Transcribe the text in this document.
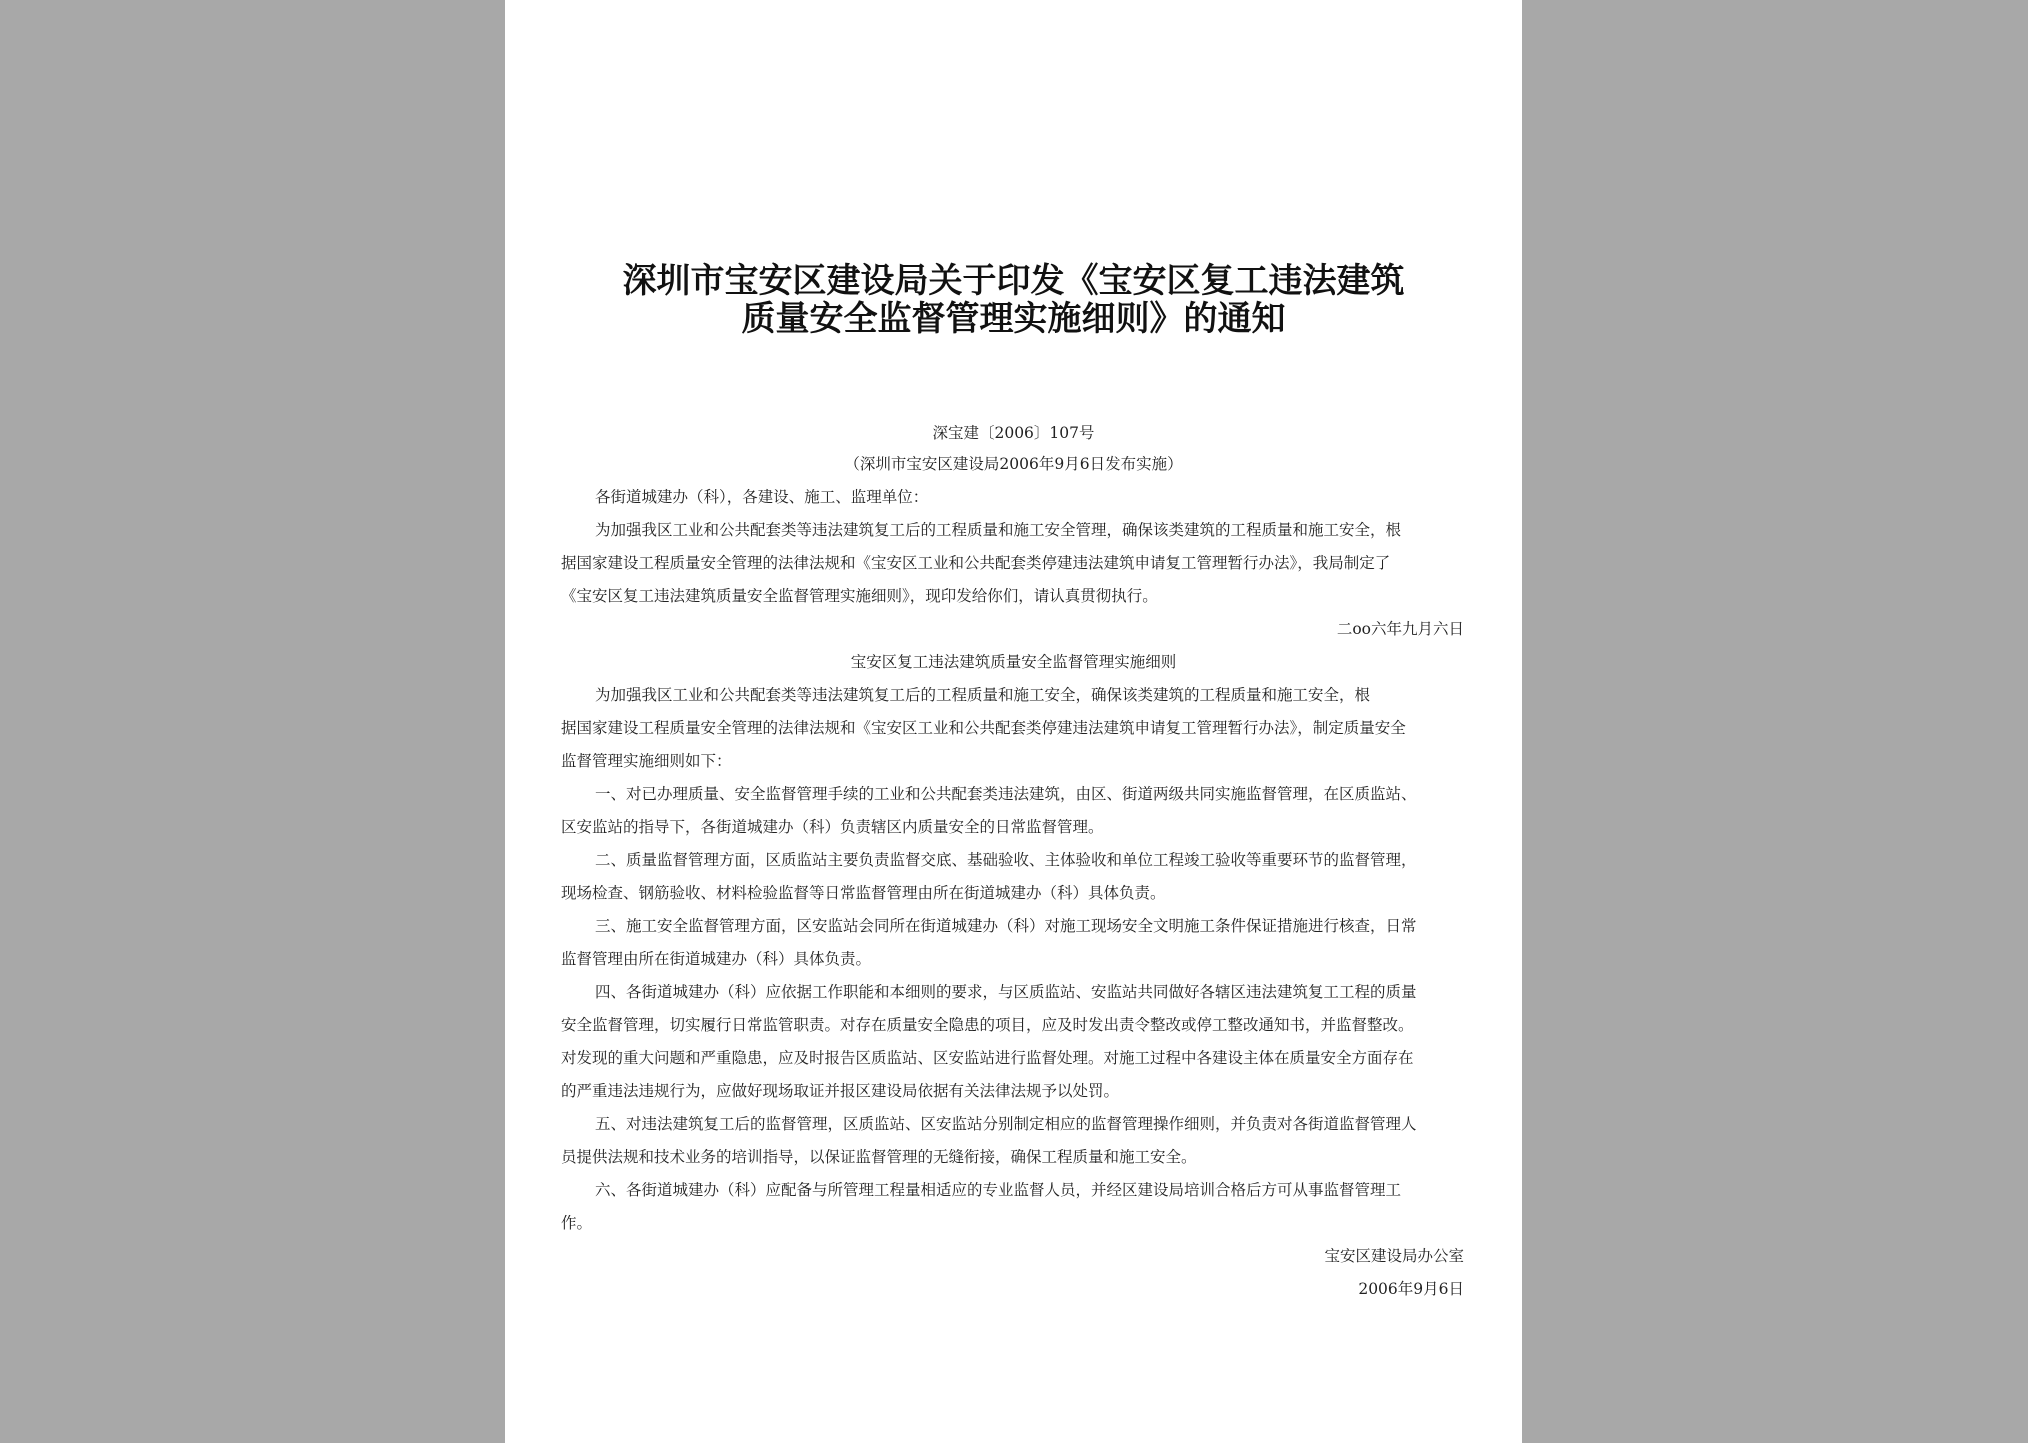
深圳市宝安区建设局关于印发《宝安区复工违法建筑
质量安全监督管理实施细则》的通知
深宝建〔2006〕107号
（深圳市宝安区建设局2006年9月6日发布实施）
各街道城建办（科），各建设、施工、监理单位：
为加强我区工业和公共配套类等违法建筑复工后的工程质量和施工安全管理，确保该类建筑的工程质量和施工安全，根
据国家建设工程质量安全管理的法律法规和《宝安区工业和公共配套类停建违法建筑申请复工管理暂行办法》，我局制定了
《宝安区复工违法建筑质量安全监督管理实施细则》，现印发给你们，请认真贯彻执行。
二oo六年九月六日
宝安区复工违法建筑质量安全监督管理实施细则
为加强我区工业和公共配套类等违法建筑复工后的工程质量和施工安全，确保该类建筑的工程质量和施工安全，根
据国家建设工程质量安全管理的法律法规和《宝安区工业和公共配套类停建违法建筑申请复工管理暂行办法》，制定质量安全
监督管理实施细则如下：
一、对已办理质量、安全监督管理手续的工业和公共配套类违法建筑，由区、街道两级共同实施监督管理，在区质监站、
区安监站的指导下，各街道城建办（科）负责辖区内质量安全的日常监督管理。
二、质量监督管理方面，区质监站主要负责监督交底、基础验收、主体验收和单位工程竣工验收等重要环节的监督管理，
现场检查、钢筋验收、材料检验监督等日常监督管理由所在街道城建办（科）具体负责。
三、施工安全监督管理方面，区安监站会同所在街道城建办（科）对施工现场安全文明施工条件保证措施进行核查，日常
监督管理由所在街道城建办（科）具体负责。
四、各街道城建办（科）应依据工作职能和本细则的要求，与区质监站、安监站共同做好各辖区违法建筑复工工程的质量
安全监督管理，切实履行日常监管职责。对存在质量安全隐患的项目，应及时发出责令整改或停工整改通知书，并监督整改。
对发现的重大问题和严重隐患，应及时报告区质监站、区安监站进行监督处理。对施工过程中各建设主体在质量安全方面存在
的严重违法违规行为，应做好现场取证并报区建设局依据有关法律法规予以处罚。
五、对违法建筑复工后的监督管理，区质监站、区安监站分别制定相应的监督管理操作细则，并负责对各街道监督管理人
员提供法规和技术业务的培训指导，以保证监督管理的无缝衔接，确保工程质量和施工安全。
六、各街道城建办（科）应配备与所管理工程量相适应的专业监督人员，并经区建设局培训合格后方可从事监督管理工
作。
宝安区建设局办公室
2006年9月6日
